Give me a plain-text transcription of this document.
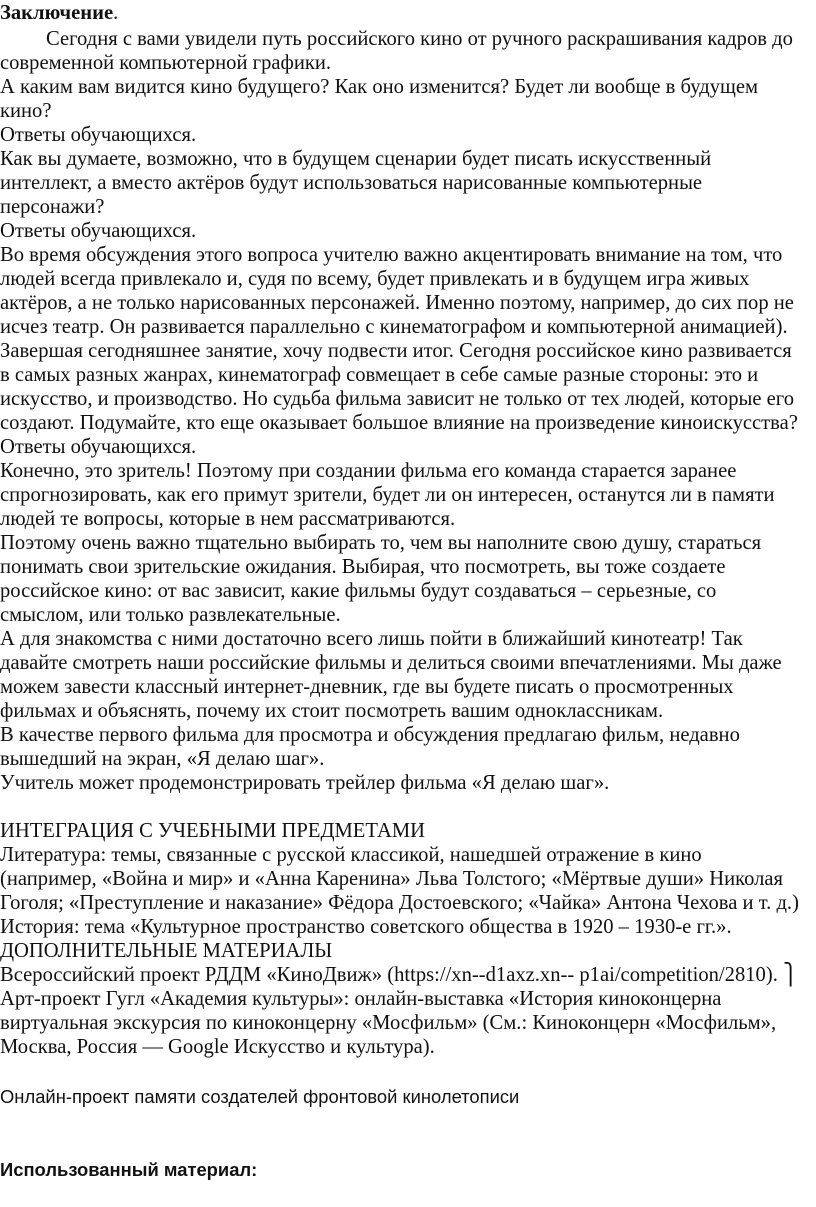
Заключение.
Сегодня с вами увидели путь российского кино от ручного раскрашивания кадров до
современной компьютерной графики.
А каким вам видится кино будущего? Как оно изменится? Будет ли вообще в будущем
кино?
Ответы обучающихся.
Как вы думаете, возможно, что в будущем сценарии будет писать искусственный
интеллект, а вместо актёров будут использоваться нарисованные компьютерные
персонажи?
Ответы обучающихся.
Во время обсуждения этого вопроса учителю важно акцентировать внимание на том, что
людей всегда привлекало и, судя по всему, будет привлекать и в будущем игра живых
актёров, а не только нарисованных персонажей. Именно поэтому, например, до сих пор не
исчез театр. Он развивается параллельно с кинематографом и компьютерной анимацией).
Завершая сегодняшнее занятие, хочу подвести итог. Сегодня российское кино развивается
в самых разных жанрах, кинематограф совмещает в себе самые разные стороны: это и
искусство, и производство. Но судьба фильма зависит не только от тех людей, которые его
создают. Подумайте, кто еще оказывает большое влияние на произведение киноискусства?
Ответы обучающихся.
Конечно, это зритель! Поэтому при создании фильма его команда старается заранее
спрогнозировать, как его примут зрители, будет ли он интересен, останутся ли в памяти
людей те вопросы, которые в нем рассматриваются.
Поэтому очень важно тщательно выбирать то, чем вы наполните свою душу, стараться
понимать свои зрительские ожидания. Выбирая, что посмотреть, вы тоже создаете
российское кино: от вас зависит, какие фильмы будут создаваться – серьезные, со
смыслом, или только развлекательные.
А для знакомства с ними достаточно всего лишь пойти в ближайший кинотеатр! Так
давайте смотреть наши российские фильмы и делиться своими впечатлениями. Мы даже
можем завести классный интернет-дневник, где вы будете писать о просмотренных
фильмах и объяснять, почему их стоит посмотреть вашим одноклассникам.
В качестве первого фильма для просмотра и обсуждения предлагаю фильм, недавно
вышедший на экран, «Я делаю шаг».
Учитель может продемонстрировать трейлер фильма «Я делаю шаг».
ИНТЕГРАЦИЯ С УЧЕБНЫМИ ПРЕДМЕТАМИ
Литература: темы, связанные с русской классикой, нашедшей отражение в кино
(например, «Война и мир» и «Анна Каренина» Льва Толстого; «Мёртвые души» Николая
Гоголя; «Преступление и наказание» Фёдора Достоевского; «Чайка» Антона Чехова и т. д.)
История: тема «Культурное пространство советского общества в 1920 – 1930-е гг.».
ДОПОЛНИТЕЛЬНЫЕ МАТЕРИАЛЫ
Всероссийский проект РДДМ «КиноДвиж» (https://xn--d1axz.xn-- p1ai/competition/2810). ⎫
Арт-проект Гугл «Академия культуры»: онлайн-выставка «История киноконцерна
виртуальная экскурсия по киноконцерну «Мосфильм» (См.: Киноконцерн «Мосфильм»,
Москва, Россия — Google Искусство и культура).
Онлайн-проект памяти создателей фронтовой кинолетописи
Использованный материал:
